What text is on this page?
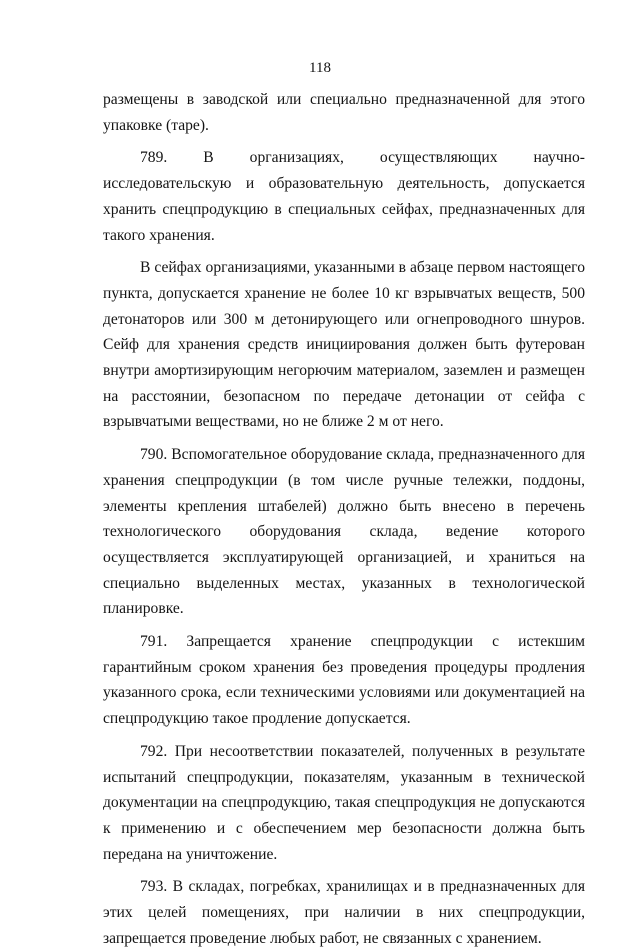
118

размещены в заводской или специально предназначенной для этого упаковке (таре).

789. В организациях, осуществляющих научно-исследовательскую и образовательную деятельность, допускается хранить спецпродукцию в специальных сейфах, предназначенных для такого хранения.

В сейфах организациями, указанными в абзаце первом настоящего пункта, допускается хранение не более 10 кг взрывчатых веществ, 500 детонаторов или 300 м детонирующего или огнепроводного шнуров. Сейф для хранения средств инициирования должен быть футерован внутри амортизирующим негорючим материалом, заземлен и размещен на расстоянии, безопасном по передаче детонации от сейфа с взрывчатыми веществами, но не ближе 2 м от него.

790. Вспомогательное оборудование склада, предназначенного для хранения спецпродукции (в том числе ручные тележки, поддоны, элементы крепления штабелей) должно быть внесено в перечень технологического оборудования склада, ведение которого осуществляется эксплуатирующей организацией, и храниться на специально выделенных местах, указанных в технологической планировке.

791. Запрещается хранение спецпродукции с истекшим гарантийным сроком хранения без проведения процедуры продления указанного срока, если техническими условиями или документацией на спецпродукцию такое продление допускается.

792. При несоответствии показателей, полученных в результате испытаний спецпродукции, показателям, указанным в технической документации на спецпродукцию, такая спецпродукция не допускаются к применению и с обеспечением мер безопасности должна быть передана на уничтожение.

793. В складах, погребках, хранилищах и в предназначенных для этих целей помещениях, при наличии в них спецпродукции, запрещается проведение любых работ, не связанных с хранением.
